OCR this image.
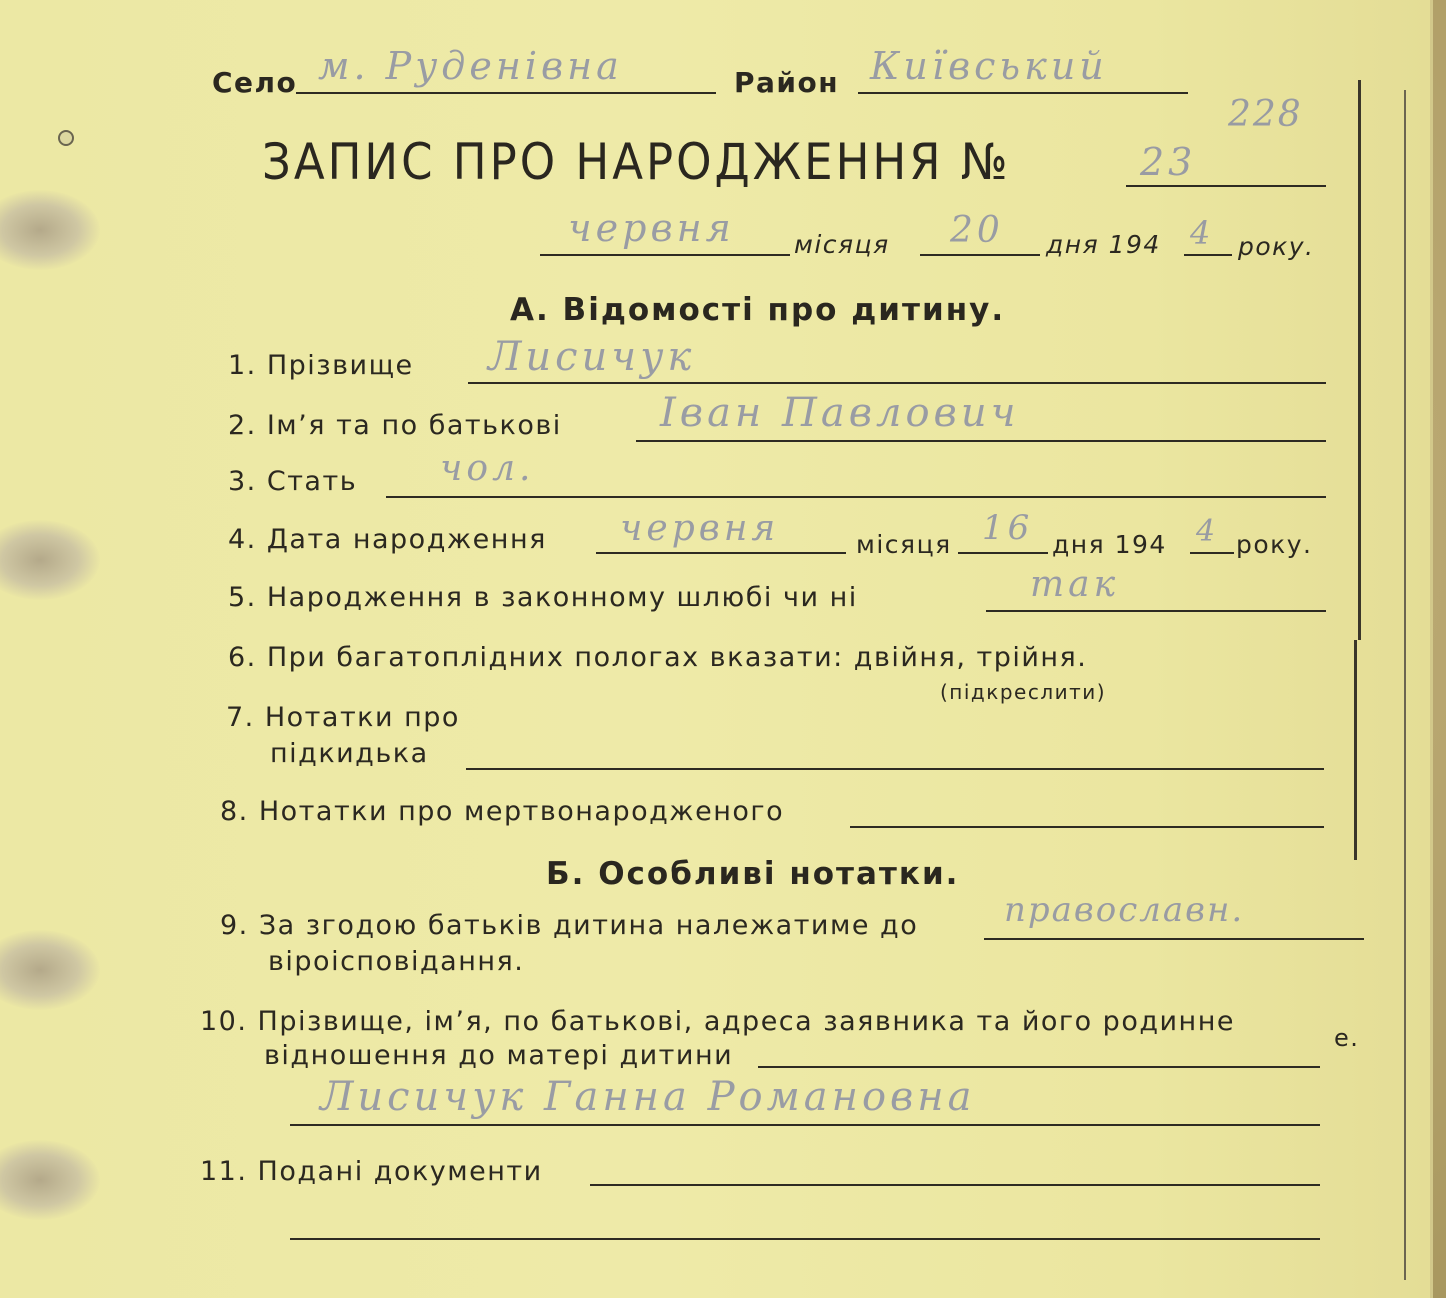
Село м. Руденівна	Район Київський
228
ЗАПИС ПРО НАРОДЖЕННЯ №	23
червня місяця 20 дня 194 4 року.
А. Відомості про дитину.
1. Прізвище Лисичук
2. Ім’я та по батькові Іван Павлович
3. Стать чол.
4. Дата народження червня	місяця 16 дня 194 4 року.
5. Народження в законному шлюбі чи ні	так
6. При багатоплідних пологах вказати: двійня, трійня.
(підкреслити)
7. Нотатки про
підкидька
8. Нотатки про мертвонародженого
Б. Особливі нотатки.
9. За згодою батьків дитина належатиме до	православн.
віроісповідання.
10. Прізвище, ім’я, по батькові, адреса заявника та його родинне
е.
відношення до матері дитини
Лисичук Ганна Романовна
11. Подані документи
